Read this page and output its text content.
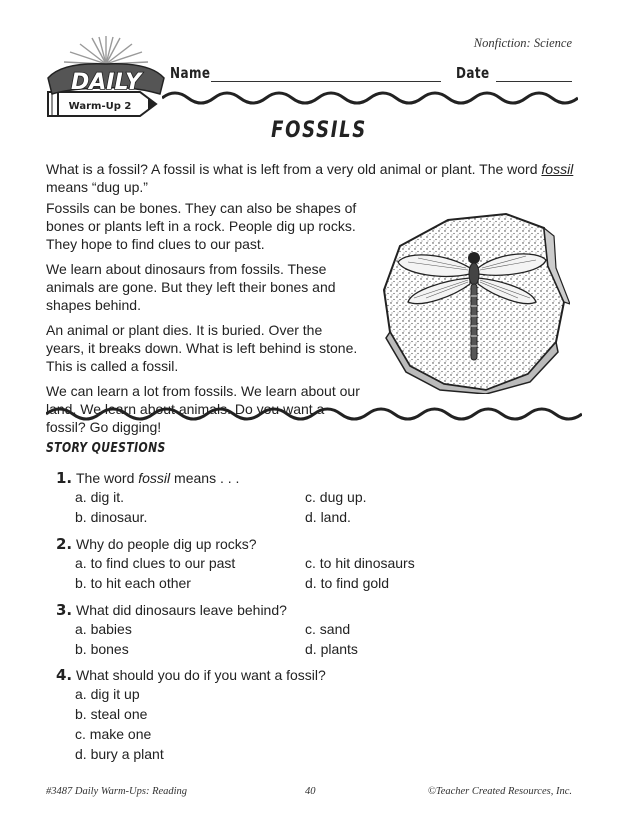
Nonfiction: Science
DAILY
Warm-Up 2
Name	Date
FOSSILS

What is a fossil? A fossil is what is left from a very old animal or plant. The word fossil means “dug up.”

Fossils can be bones. They can also be shapes of bones or plants left in a rock. People dig up rocks. They hope to find clues to our past.

We learn about dinosaurs from fossils. These animals are gone. But they left their bones and shapes behind.

An animal or plant dies. It is buried. Over the years, it breaks down. What is left behind is stone. This is called a fossil.

We can learn a lot from fossils. We learn about our land. We learn about animals. Do you want a fossil? Go digging!

STORY QUESTIONS
1. The word fossil means . . .
a. dig it.	c. dug up.
b. dinosaur.	d. land.
2. Why do people dig up rocks?
a. to find clues to our past	c. to hit dinosaurs
b. to hit each other	d. to find gold
3. What did dinosaurs leave behind?
a. babies	c. sand
b. bones	d. plants
4. What should you do if you want a fossil?
a. dig it up
b. steal one
c. make one
d. bury a plant
#3487 Daily Warm-Ups: Reading	40	©Teacher Created Resources, Inc.
